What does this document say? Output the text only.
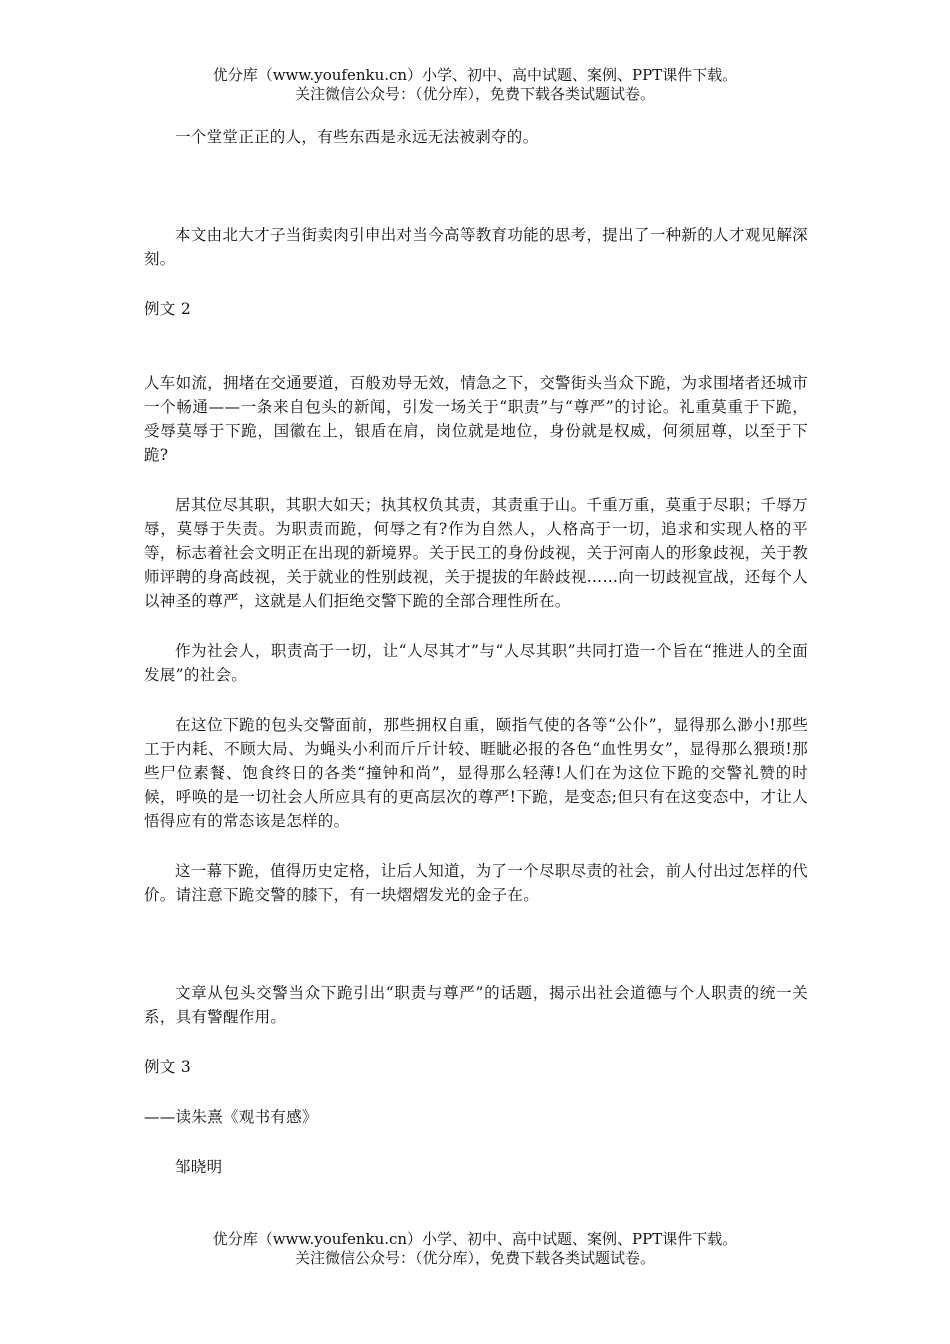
优分库（www.youfenku.cn）小学、初中、高中试题、案例、PPT课件下载。
关注微信公众号：（优分库），免费下载各类试题试卷。

一个堂堂正正的人，有些东西是永远无法被剥夺的。

本文由北大才子当街卖肉引申出对当今高等教育功能的思考，提出了一种新的人才观见解深刻。

例文 2

人车如流，拥堵在交通要道，百般劝导无效，情急之下，交警街头当众下跪，为求围堵者还城市一个畅通——一条来自包头的新闻，引发一场关于“职责”与“尊严”的讨论。礼重莫重于下跪，受辱莫辱于下跪，国徽在上，银盾在肩，岗位就是地位，身份就是权威，何须屈尊，以至于下跪?

居其位尽其职，其职大如天；执其权负其责，其责重于山。千重万重，莫重于尽职；千辱万辱，莫辱于失责。为职责而跪，何辱之有?作为自然人，人格高于一切，追求和实现人格的平等，标志着社会文明正在出现的新境界。关于民工的身份歧视，关于河南人的形象歧视，关于教师评聘的身高歧视，关于就业的性别歧视，关于提拔的年龄歧视……向一切歧视宣战，还每个人以神圣的尊严，这就是人们拒绝交警下跪的全部合理性所在。

作为社会人，职责高于一切，让“人尽其才”与“人尽其职”共同打造一个旨在“推进人的全面发展”的社会。

在这位下跪的包头交警面前，那些拥权自重，颐指气使的各等“公仆”，显得那么渺小!那些工于内耗、不顾大局、为蝇头小利而斤斤计较、睚眦必报的各色“血性男女”，显得那么猥琐!那些尸位素餐、饱食终日的各类“撞钟和尚”，显得那么轻薄!人们在为这位下跪的交警礼赞的时候，呼唤的是一切社会人所应具有的更高层次的尊严!下跪，是变态;但只有在这变态中，才让人悟得应有的常态该是怎样的。

这一幕下跪，值得历史定格，让后人知道，为了一个尽职尽责的社会，前人付出过怎样的代价。请注意下跪交警的膝下，有一块熠熠发光的金子在。

文章从包头交警当众下跪引出“职责与尊严”的话题，揭示出社会道德与个人职责的统一关系，具有警醒作用。

例文 3

——读朱熹《观书有感》

邹晓明

优分库（www.youfenku.cn）小学、初中、高中试题、案例、PPT课件下载。
关注微信公众号：（优分库），免费下载各类试题试卷。
